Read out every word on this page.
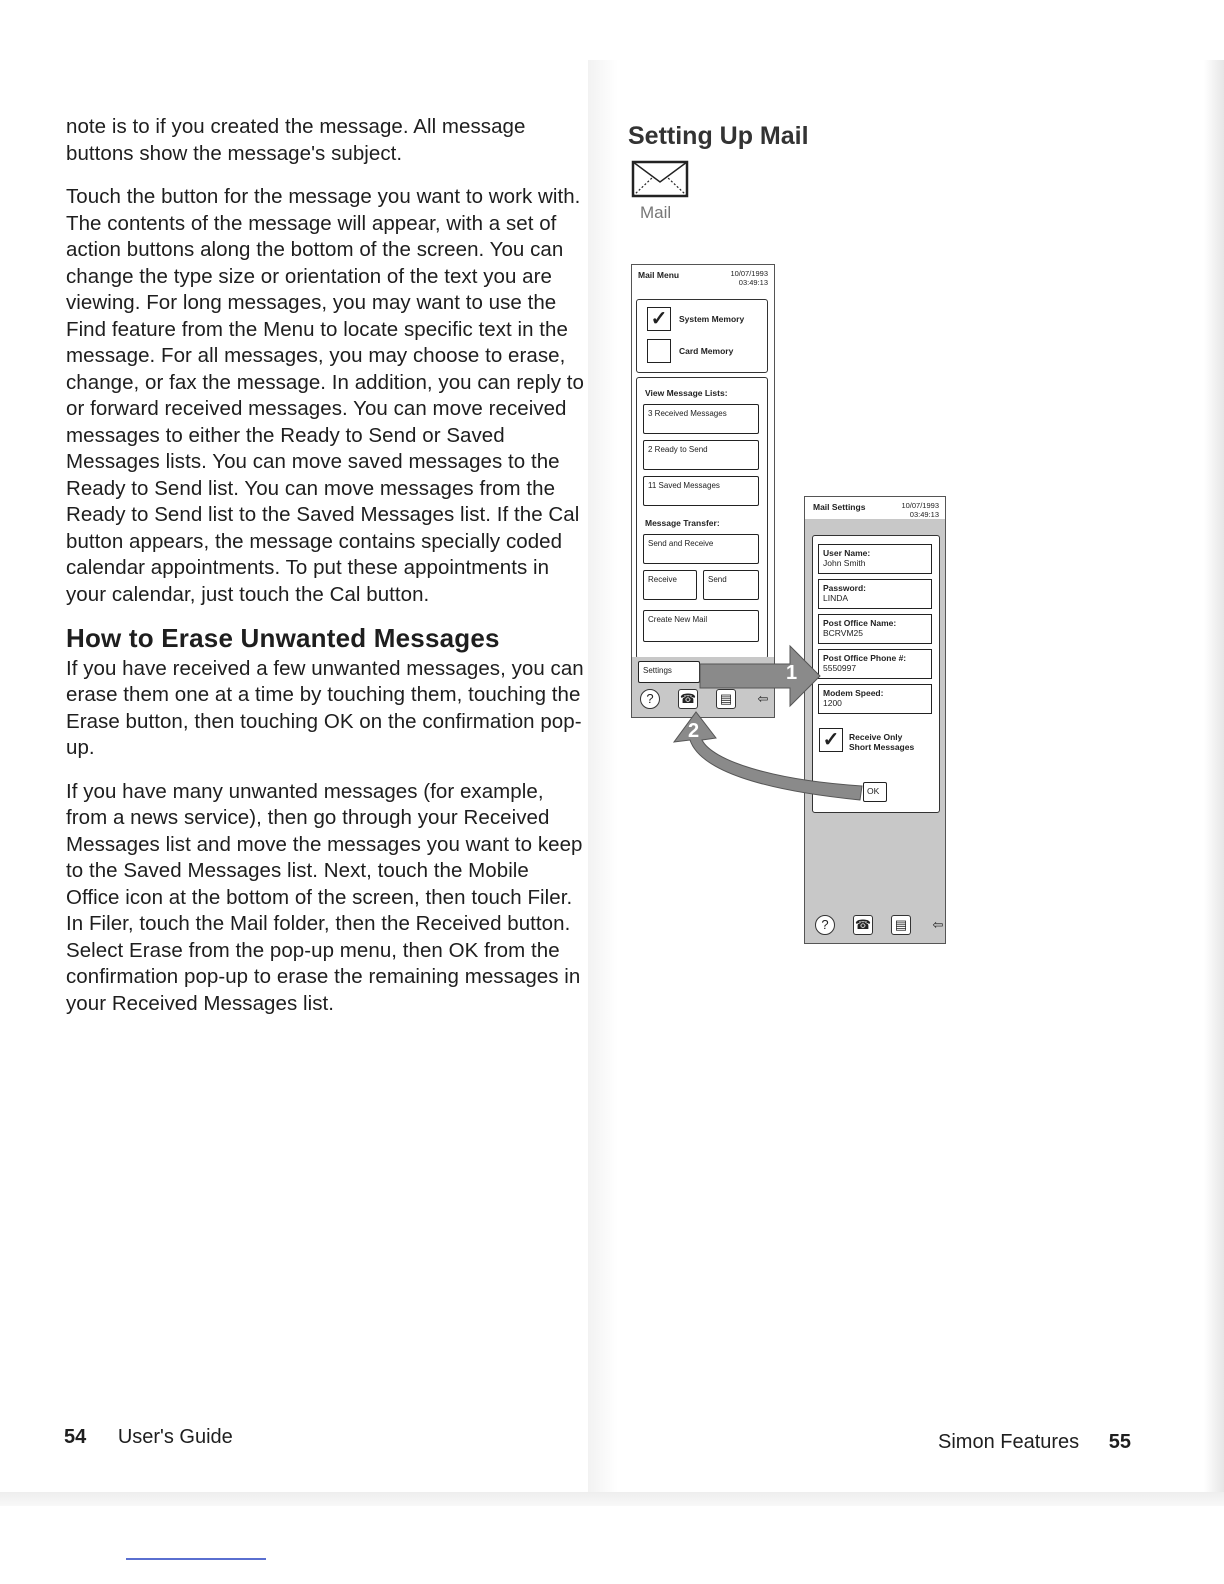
note is to if you created the message. All message buttons show the message's subject.

Touch the button for the message you want to work with. The contents of the message will appear, with a set of action buttons along the bottom of the screen. You can change the type size or orientation of the text you are viewing. For long messages, you may want to use the Find feature from the Menu to locate specific text in the message. For all messages, you may choose to erase, change, or fax the message. In addition, you can reply to or forward received messages. You can move received messages to either the Ready to Send or Saved Messages lists. You can move saved messages to the Ready to Send list. You can move messages from the Ready to Send list to the Saved Messages list. If the Cal button appears, the message contains specially coded calendar appointments. To put these appointments in your calendar, just touch the Cal button.

How to Erase Unwanted Messages

If you have received a few unwanted messages, you can erase them one at a time by touching them, touching the Erase button, then touching OK on the confirmation pop-up.

If you have many unwanted messages (for example, from a news service), then go through your Received Messages list and move the messages you want to keep to the Saved Messages list. Next, touch the Mobile Office icon at the bottom of the screen, then touch Filer. In Filer, touch the Mail folder, then the Received button. Select Erase from the pop-up menu, then OK from the confirmation pop-up to erase the remaining messages in your Received Messages list.

54 User's Guide
Setting Up Mail
Mail
Mail Menu	10/07/1993
03:49:13
✓	System Memory
Card Memory
View Message Lists:
3 Received Messages
2 Ready to Send
11 Saved Messages
Message Transfer:
Send and Receive
Receive	Send
Create New Mail
Settings
?	☎ ▤ ⇦
Mail Settings	10/07/1993
03:49:13
User Name:
John Smith
Password:
LINDA
Post Office Name:
BCRVM25
Post Office Phone #:
5550997
Modem Speed:
1200
✓	Receive Only
Short Messages
OK
?	☎ ▤ ⇦
1
2
Simon Features 55
